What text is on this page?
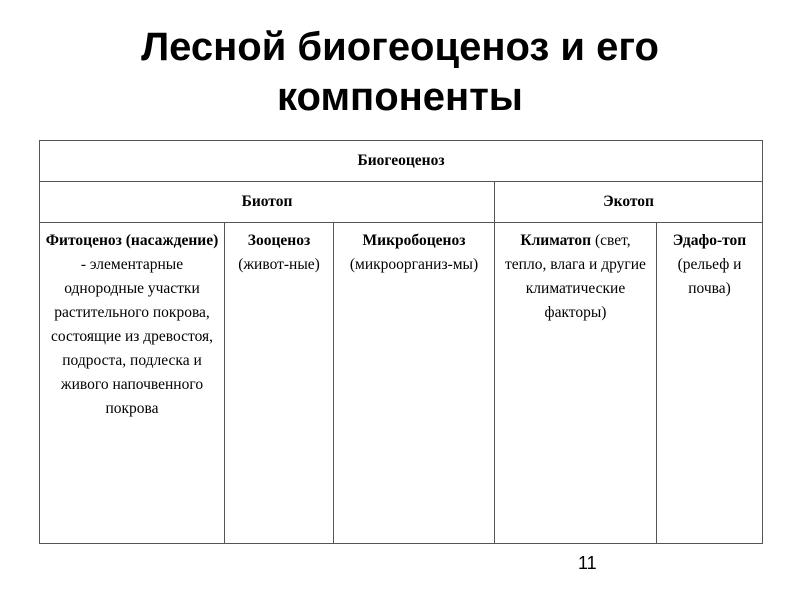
Лесной биогеоценоз и его
компоненты
Биогеоценоз				
Биотоп			Экотоп	
Фитоценоз (насаждение) - элементарные однородные участки растительного покрова, состоящие из древостоя, подроста, подлеска и живого напочвенного покрова	Зооценоз (живот-ные)	Микробоценоз (микроорганиз-мы)	Климатоп (свет, тепло, влага и другие климатические факторы)	Эдафо-топ (рельеф и почва)
11
